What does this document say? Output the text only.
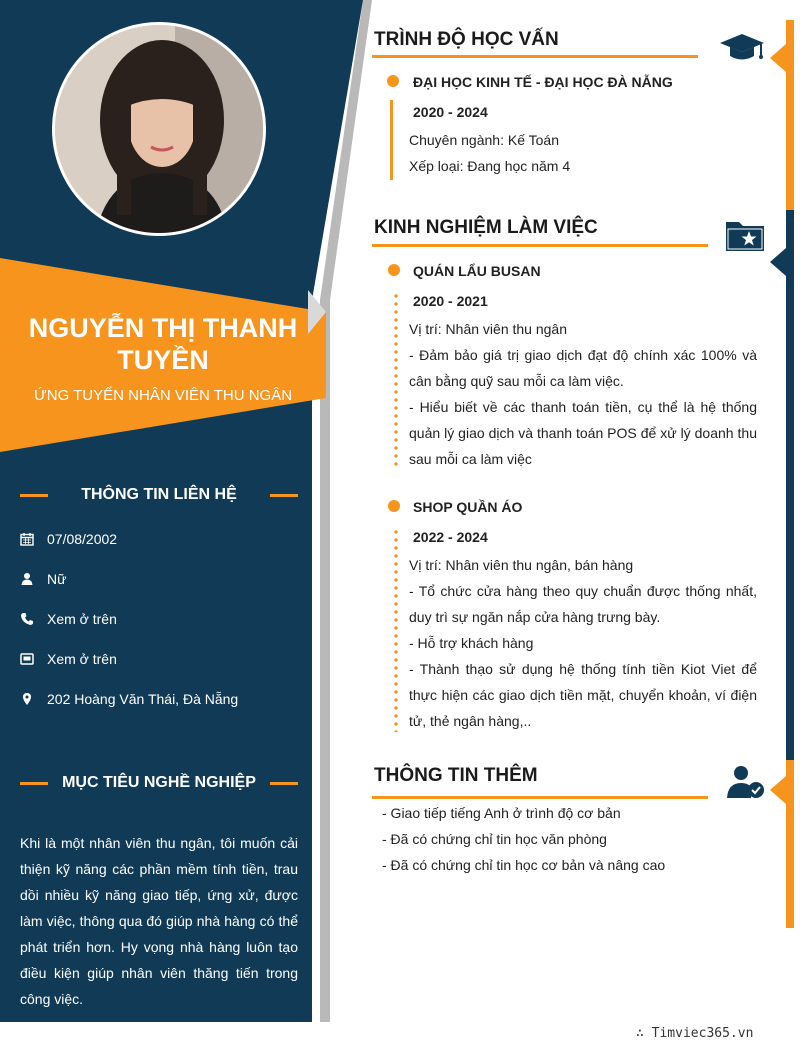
NGUYỄN THỊ THANH TUYỀN
ỨNG TUYỂN NHÂN VIÊN THU NGÂN
THÔNG TIN LIÊN HỆ
07/08/2002
Nữ
Xem ở trên
Xem ở trên
202 Hoàng Văn Thái, Đà Nẵng
MỤC TIÊU NGHỀ NGHIỆP
Khi là một nhân viên thu ngân, tôi muốn cải thiện kỹ năng các phần mềm tính tiền, trau dồi nhiều kỹ năng giao tiếp, ứng xử, được làm việc, thông qua đó giúp nhà hàng có thể phát triển hơn. Hy vọng nhà hàng luôn tạo điều kiện giúp nhân viên thăng tiến trong công việc.
TRÌNH ĐỘ HỌC VẤN
ĐẠI HỌC KINH TẾ - ĐẠI HỌC ĐÀ NẴNG
2020 - 2024
Chuyên ngành: Kế Toán
Xếp loại: Đang học năm 4
KINH NGHIỆM LÀM VIỆC
QUÁN LẨU BUSAN
2020 - 2021
Vị trí: Nhân viên thu ngân
- Đảm bảo giá trị giao dịch đạt độ chính xác 100% và cân bằng quỹ sau mỗi ca làm việc.
- Hiểu biết về các thanh toán tiền, cụ thể là hệ thống quản lý giao dịch và thanh toán POS để xử lý doanh thu sau mỗi ca làm việc
SHOP QUẦN ÁO
2022 - 2024
Vị trí: Nhân viên thu ngân, bán hàng
- Tổ chức cửa hàng theo quy chuẩn được thống nhất, duy trì sự ngăn nắp cửa hàng trưng bày.
- Hỗ trợ khách hàng
- Thành thạo sử dụng hệ thống tính tiền Kiot Viet để thực hiện các giao dịch tiền mặt, chuyển khoản, ví điện tử, thẻ ngân hàng,..
THÔNG TIN THÊM
- Giao tiếp tiếng Anh ở trình độ cơ bản
- Đã có chứng chỉ tin học văn phòng
- Đã có chứng chỉ tin học cơ bản và nâng cao
∴ Timviec365.vn
